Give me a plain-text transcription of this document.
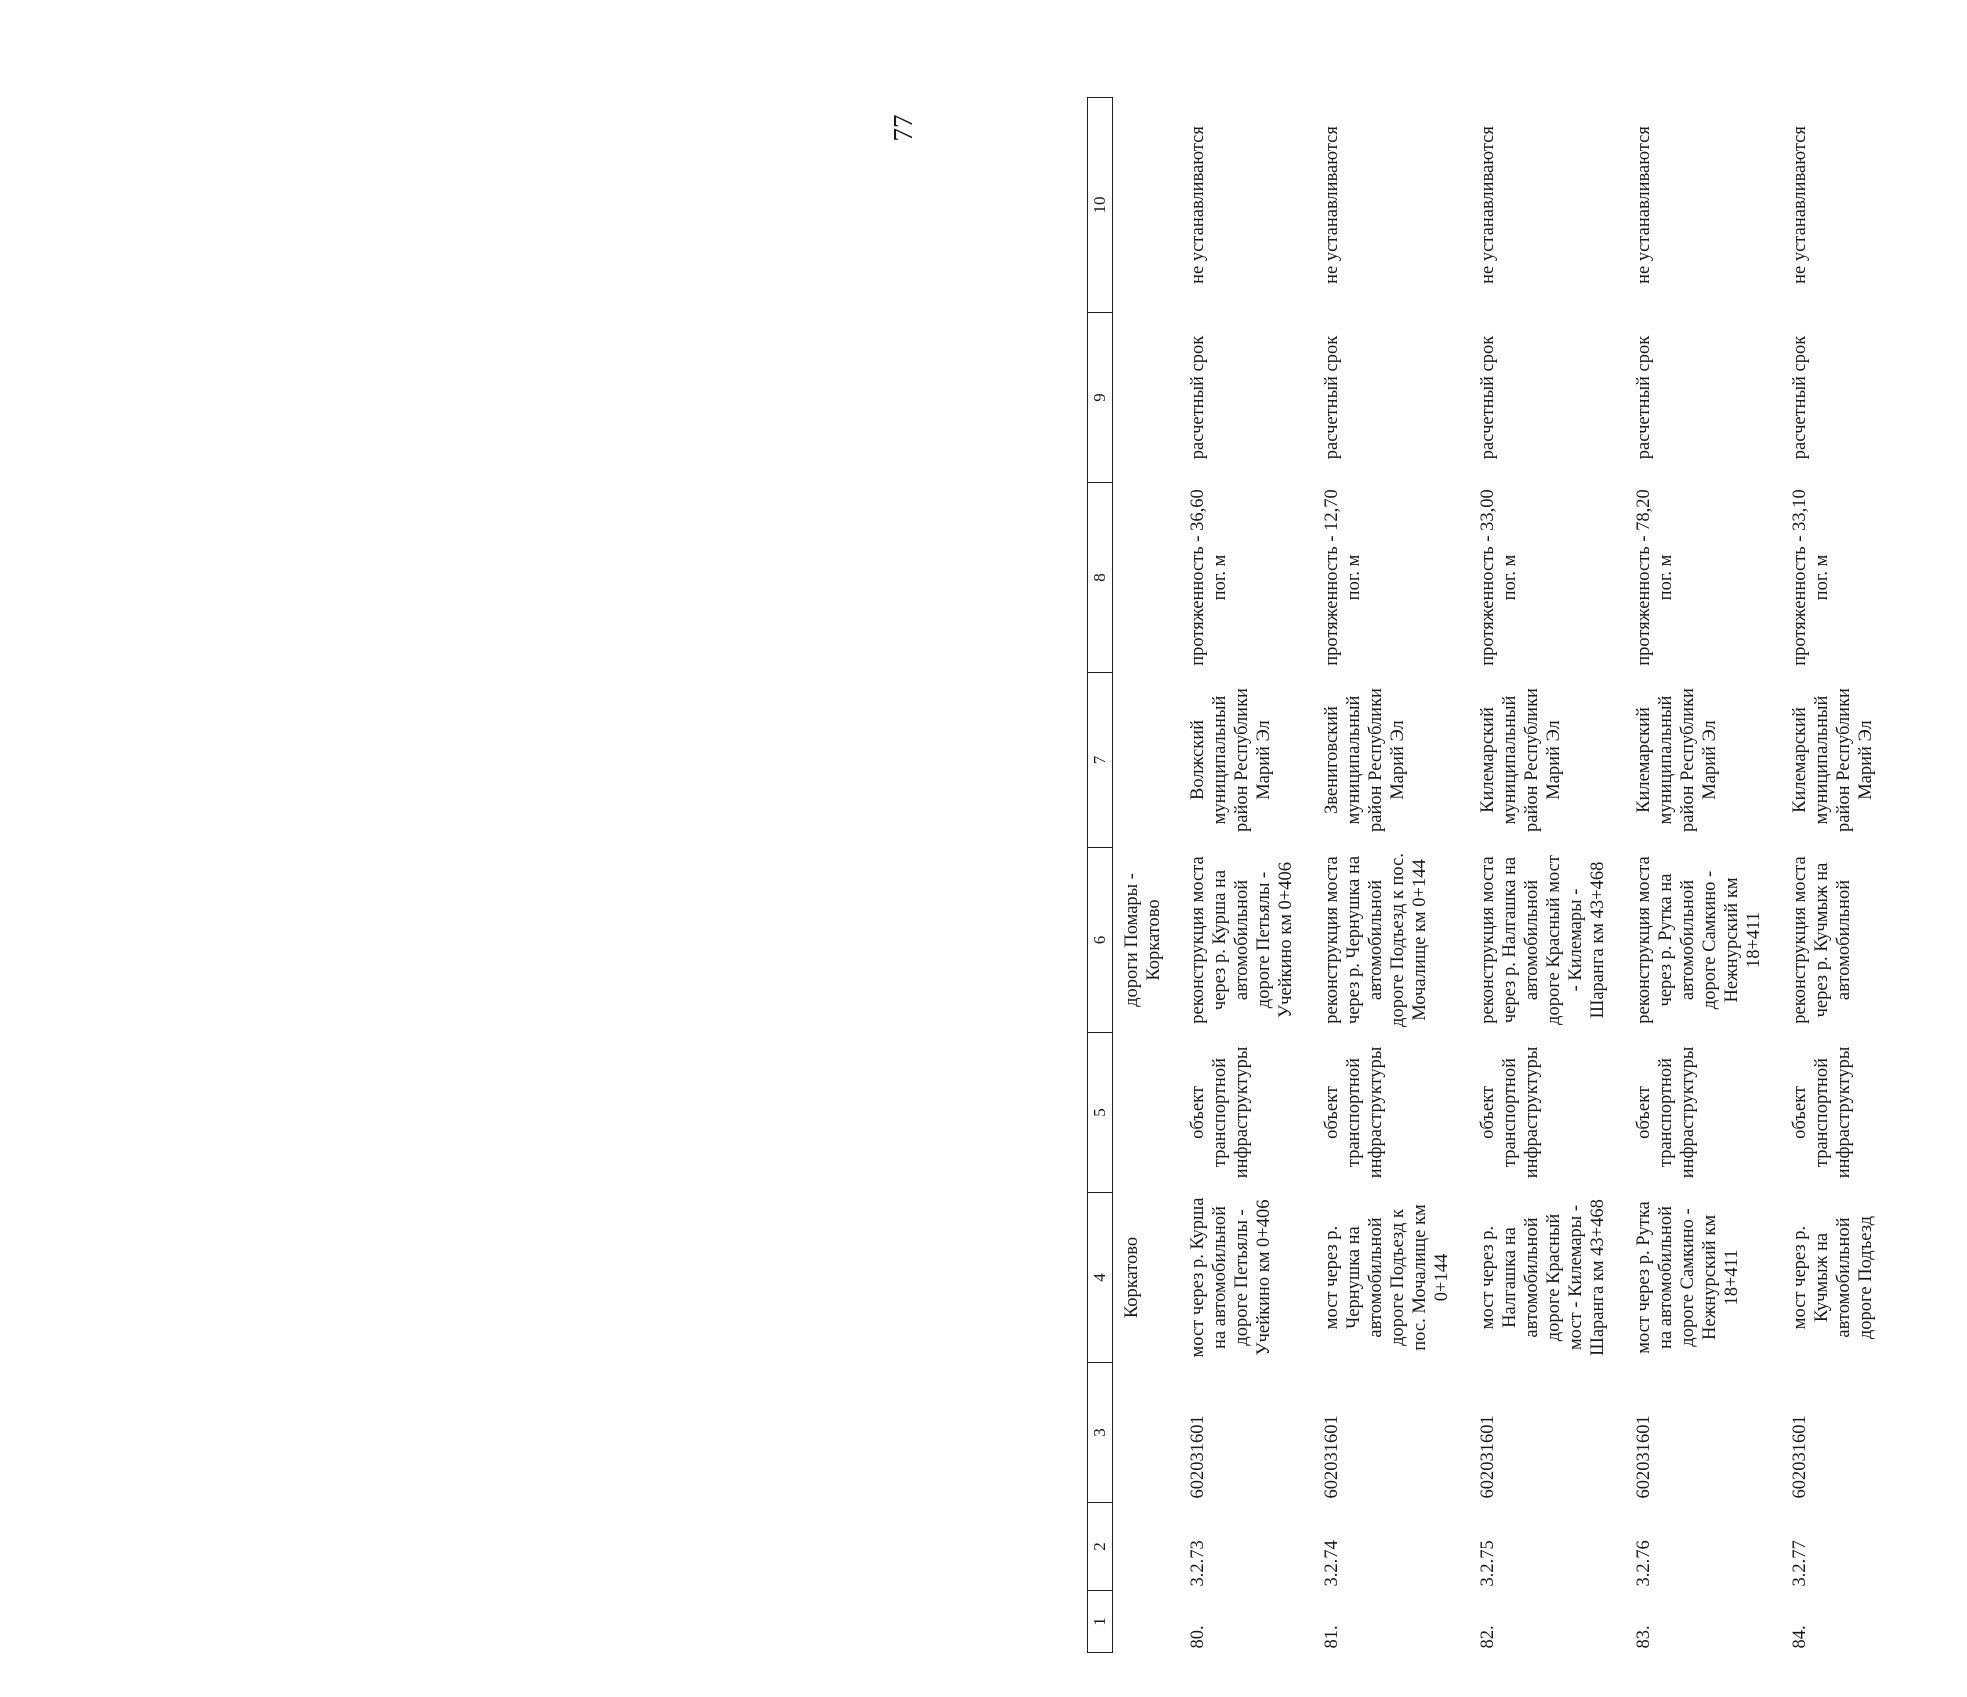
77
1	2	3	4	5	6	7	8	9	10
			Коркатово		дороги Помары - Коркатово				
80.	3.2.73	602031601	мост через р. Курша на автомобильной дороге Петьялы - Учейкино км 0+406	объект транспортной инфраструктуры	реконструкция моста через р. Курша на автомобильной дороге Петьялы - Учейкино км 0+406	Волжский муниципальный район Республики Марий Эл	протяженность - 36,60 пог. м	расчетный срок	не устанавливаются
81.	3.2.74	602031601	мост через р. Чернушка на автомобильной дороге Подъезд к пос. Мочалище км 0+144	объект транспортной инфраструктуры	реконструкция моста через р. Чернушка на автомобильной дороге Подъезд к пос. Мочалище км 0+144	Звениговский муниципальный район Республики Марий Эл	протяженность - 12,70 пог. м	расчетный срок	не устанавливаются
82.	3.2.75	602031601	мост через р. Налгашка на автомобильной дороге Красный мост - Килемары - Шаранга км 43+468	объект транспортной инфраструктуры	реконструкция моста через р. Налгашка на автомобильной дороге Красный мост - Килемары - Шаранга км 43+468	Килемарский муниципальный район Республики Марий Эл	протяженность - 33,00 пог. м	расчетный срок	не устанавливаются
83.	3.2.76	602031601	мост через р. Рутка на автомобильной дороге Самкино - Нежнурский км 18+411	объект транспортной инфраструктуры	реконструкция моста через р. Рутка на автомобильной дороге Самкино - Нежнурский км 18+411	Килемарский муниципальный район Республики Марий Эл	протяженность - 78,20 пог. м	расчетный срок	не устанавливаются
84.	3.2.77	602031601	мост через р. Кучмыж на автомобильной дороге Подъезд	объект транспортной инфраструктуры	реконструкция моста через р. Кучмыж на автомобильной	Килемарский муниципальный район Республики Марий Эл	протяженность - 33,10 пог. м	расчетный срок	не устанавливаются
